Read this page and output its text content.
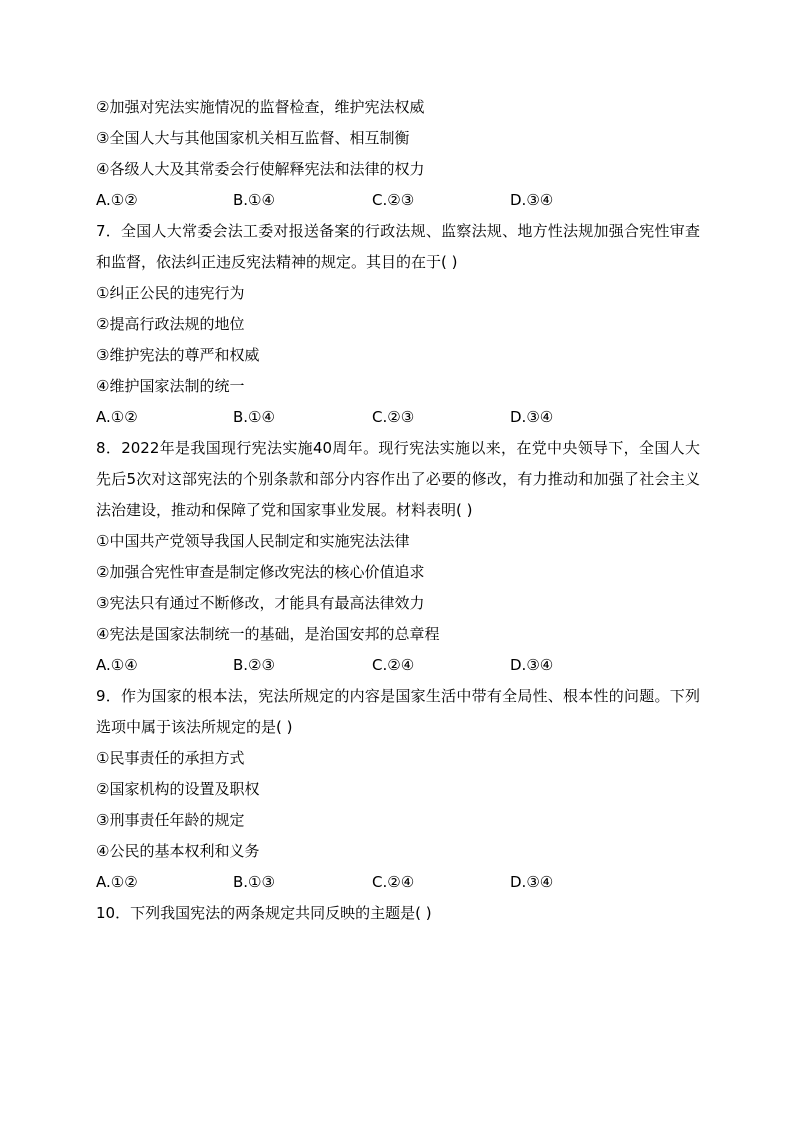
②加强对宪法实施情况的监督检查，维护宪法权威
③全国人大与其他国家机关相互监督、相互制衡
④各级人大及其常委会行使解释宪法和法律的权力
A.①②	B.①④	C.②③	D.③④
7．全国人大常委会法工委对报送备案的行政法规、监察法规、地方性法规加强合宪性审查和监督，依法纠正违反宪法精神的规定。其目的在于( )
①纠正公民的违宪行为
②提高行政法规的地位
③维护宪法的尊严和权威
④维护国家法制的统一
A.①②	B.①④	C.②③	D.③④
8．2022年是我国现行宪法实施40周年。现行宪法实施以来，在党中央领导下，全国人大先后5次对这部宪法的个别条款和部分内容作出了必要的修改，有力推动和加强了社会主义法治建设，推动和保障了党和国家事业发展。材料表明( )
①中国共产党领导我国人民制定和实施宪法法律
②加强合宪性审查是制定修改宪法的核心价值追求
③宪法只有通过不断修改，才能具有最高法律效力
④宪法是国家法制统一的基础，是治国安邦的总章程
A.①④	B.②③	C.②④	D.③④
9．作为国家的根本法，宪法所规定的内容是国家生活中带有全局性、根本性的问题。下列选项中属于该法所规定的是( )
①民事责任的承担方式
②国家机构的设置及职权
③刑事责任年龄的规定
④公民的基本权利和义务
A.①②	B.①③	C.②④	D.③④
10．下列我国宪法的两条规定共同反映的主题是( )
